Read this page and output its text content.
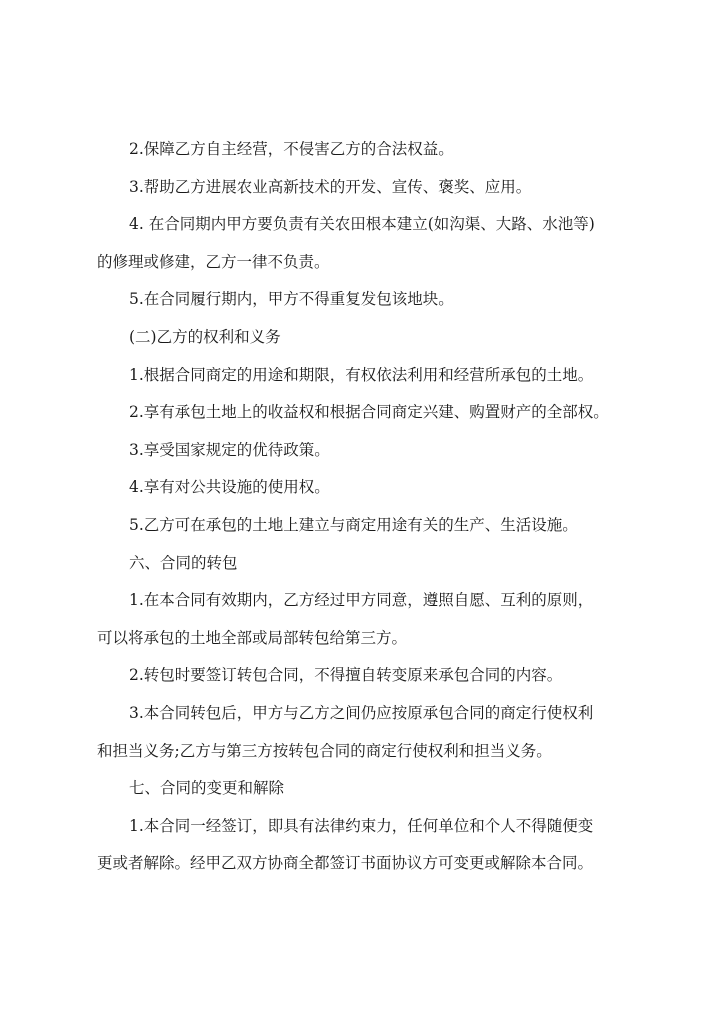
2.保障乙方自主经营，不侵害乙方的合法权益。

3.帮助乙方进展农业高新技术的开发、宣传、褒奖、应用。

4. 在合同期内甲方要负责有关农田根本建立(如沟渠、大路、水池等)

的修理或修建，乙方一律不负责。

5.在合同履行期内，甲方不得重复发包该地块。

(二)乙方的权利和义务

1.根据合同商定的用途和期限，有权依法利用和经营所承包的土地。

2.享有承包土地上的收益权和根据合同商定兴建、购置财产的全部权。

3.享受国家规定的优待政策。

4.享有对公共设施的使用权。

5.乙方可在承包的土地上建立与商定用途有关的生产、生活设施。

六、合同的转包

1.在本合同有效期内，乙方经过甲方同意，遵照自愿、互利的原则，

可以将承包的土地全部或局部转包给第三方。

2.转包时要签订转包合同，不得擅自转变原来承包合同的内容。

3.本合同转包后，甲方与乙方之间仍应按原承包合同的商定行使权利

和担当义务;乙方与第三方按转包合同的商定行使权利和担当义务。

七、合同的变更和解除

1.本合同一经签订，即具有法律约束力，任何单位和个人不得随便变

更或者解除。经甲乙双方协商全都签订书面协议方可变更或解除本合同。
